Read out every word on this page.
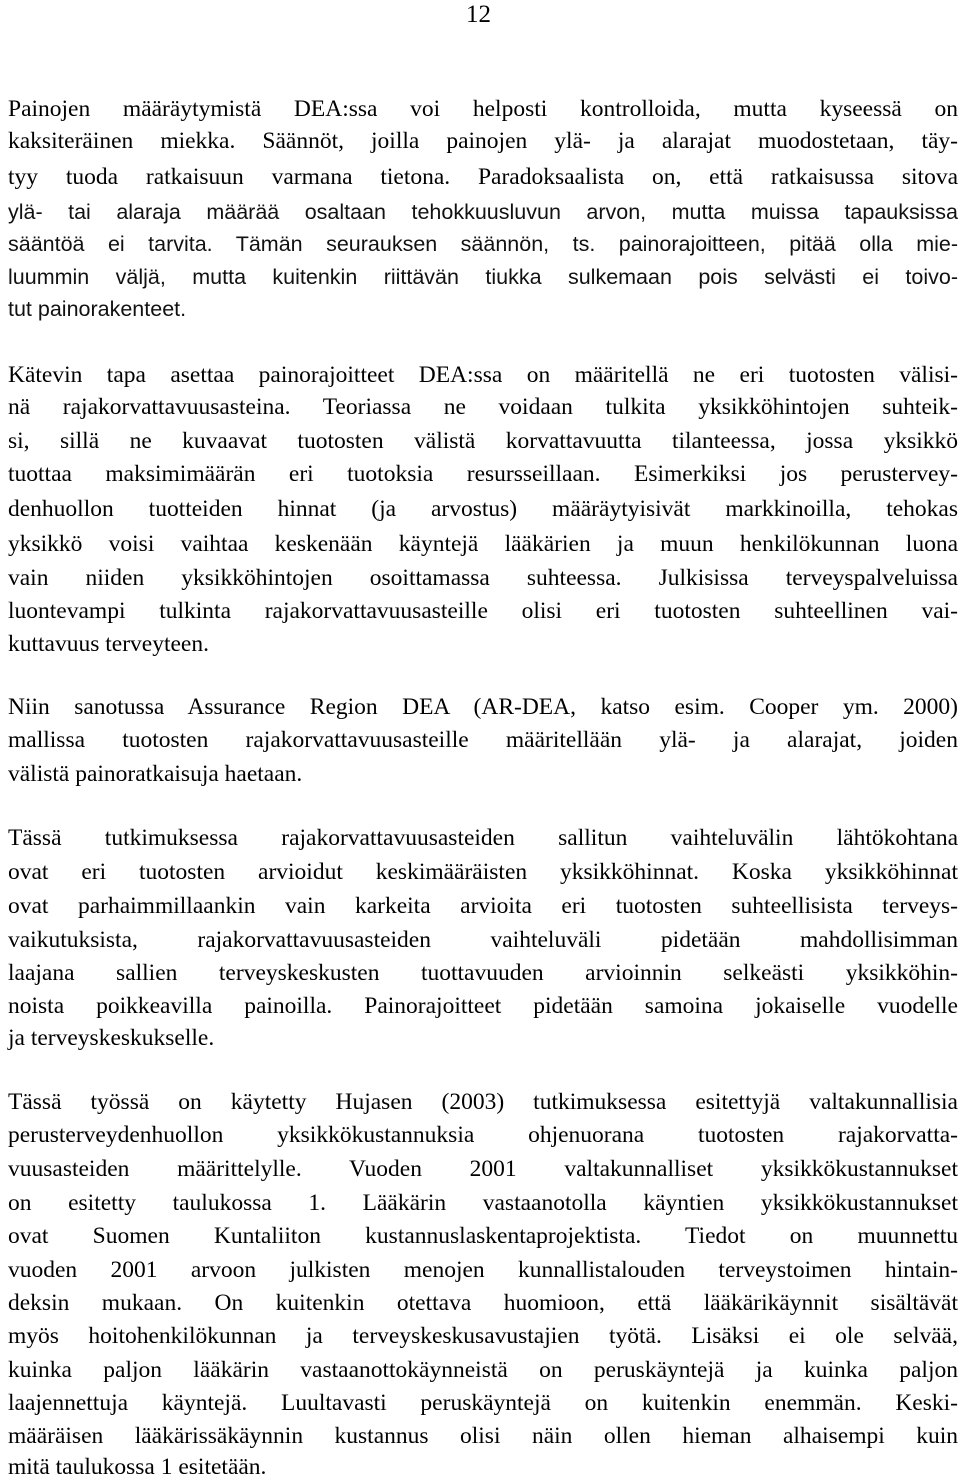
12
Painojen määräytymistä DEA:ssa voi helposti kontrolloida, mutta kyseessä on
kaksiteräinen miekka. Säännöt, joilla painojen ylä- ja alarajat muodostetaan, täy-
tyy tuoda ratkaisuun varmana tietona. Paradoksaalista on, että ratkaisussa sitova
ylä- tai alaraja määrää osaltaan tehokkuusluvun arvon, mutta muissa tapauksissa
sääntöä ei tarvita. Tämän seurauksen säännön, ts. painorajoitteen, pitää olla mie-
luummin väljä, mutta kuitenkin riittävän tiukka sulkemaan pois selvästi ei toivo-
tut painorakenteet.
Kätevin tapa asettaa painorajoitteet DEA:ssa on määritellä ne eri tuotosten välisi-
nä rajakorvattavuusasteina. Teoriassa ne voidaan tulkita yksikköhintojen suhteik-
si, sillä ne kuvaavat tuotosten välistä korvattavuutta tilanteessa, jossa yksikkö
tuottaa maksimimäärän eri tuotoksia resursseillaan. Esimerkiksi jos perustervey-
denhuollon tuotteiden hinnat (ja arvostus) määräytyisivät markkinoilla, tehokas
yksikkö voisi vaihtaa keskenään käyntejä lääkärien ja muun henkilökunnan luona
vain niiden yksikköhintojen osoittamassa suhteessa. Julkisissa terveyspalveluissa
luontevampi tulkinta rajakorvattavuusasteille olisi eri tuotosten suhteellinen vai-
kuttavuus terveyteen.
Niin sanotussa Assurance Region DEA (AR-DEA, katso esim. Cooper ym. 2000)
mallissa tuotosten rajakorvattavuusasteille määritellään ylä- ja alarajat, joiden
välistä painoratkaisuja haetaan.
Tässä tutkimuksessa rajakorvattavuusasteiden sallitun vaihteluvälin lähtökohtana
ovat eri tuotosten arvioidut keskimääräisten yksikköhinnat. Koska yksikköhinnat
ovat parhaimmillaankin vain karkeita arvioita eri tuotosten suhteellisista terveys-
vaikutuksista, rajakorvattavuusasteiden vaihteluväli pidetään mahdollisimman
laajana sallien terveyskeskusten tuottavuuden arvioinnin selkeästi yksikköhin-
noista poikkeavilla painoilla. Painorajoitteet pidetään samoina jokaiselle vuodelle
ja terveyskeskukselle.
Tässä työssä on käytetty Hujasen (2003) tutkimuksessa esitettyjä valtakunnallisia
perusterveydenhuollon yksikkökustannuksia ohjenuorana tuotosten rajakorvatta-
vuusasteiden määrittelylle. Vuoden 2001 valtakunnalliset yksikkökustannukset
on esitetty taulukossa 1. Lääkärin vastaanotolla käyntien yksikkökustannukset
ovat Suomen Kuntaliiton kustannuslaskentaprojektista. Tiedot on muunnettu
vuoden 2001 arvoon julkisten menojen kunnallistalouden terveystoimen hintain-
deksin mukaan. On kuitenkin otettava huomioon, että lääkärikäynnit sisältävät
myös hoitohenkilökunnan ja terveyskeskusavustajien työtä. Lisäksi ei ole selvää,
kuinka paljon lääkärin vastaanottokäynneistä on peruskäyntejä ja kuinka paljon
laajennettuja käyntejä. Luultavasti peruskäyntejä on kuitenkin enemmän. Keski-
määräisen lääkärissäkäynnin kustannus olisi näin ollen hieman alhaisempi kuin
mitä taulukossa 1 esitetään.
